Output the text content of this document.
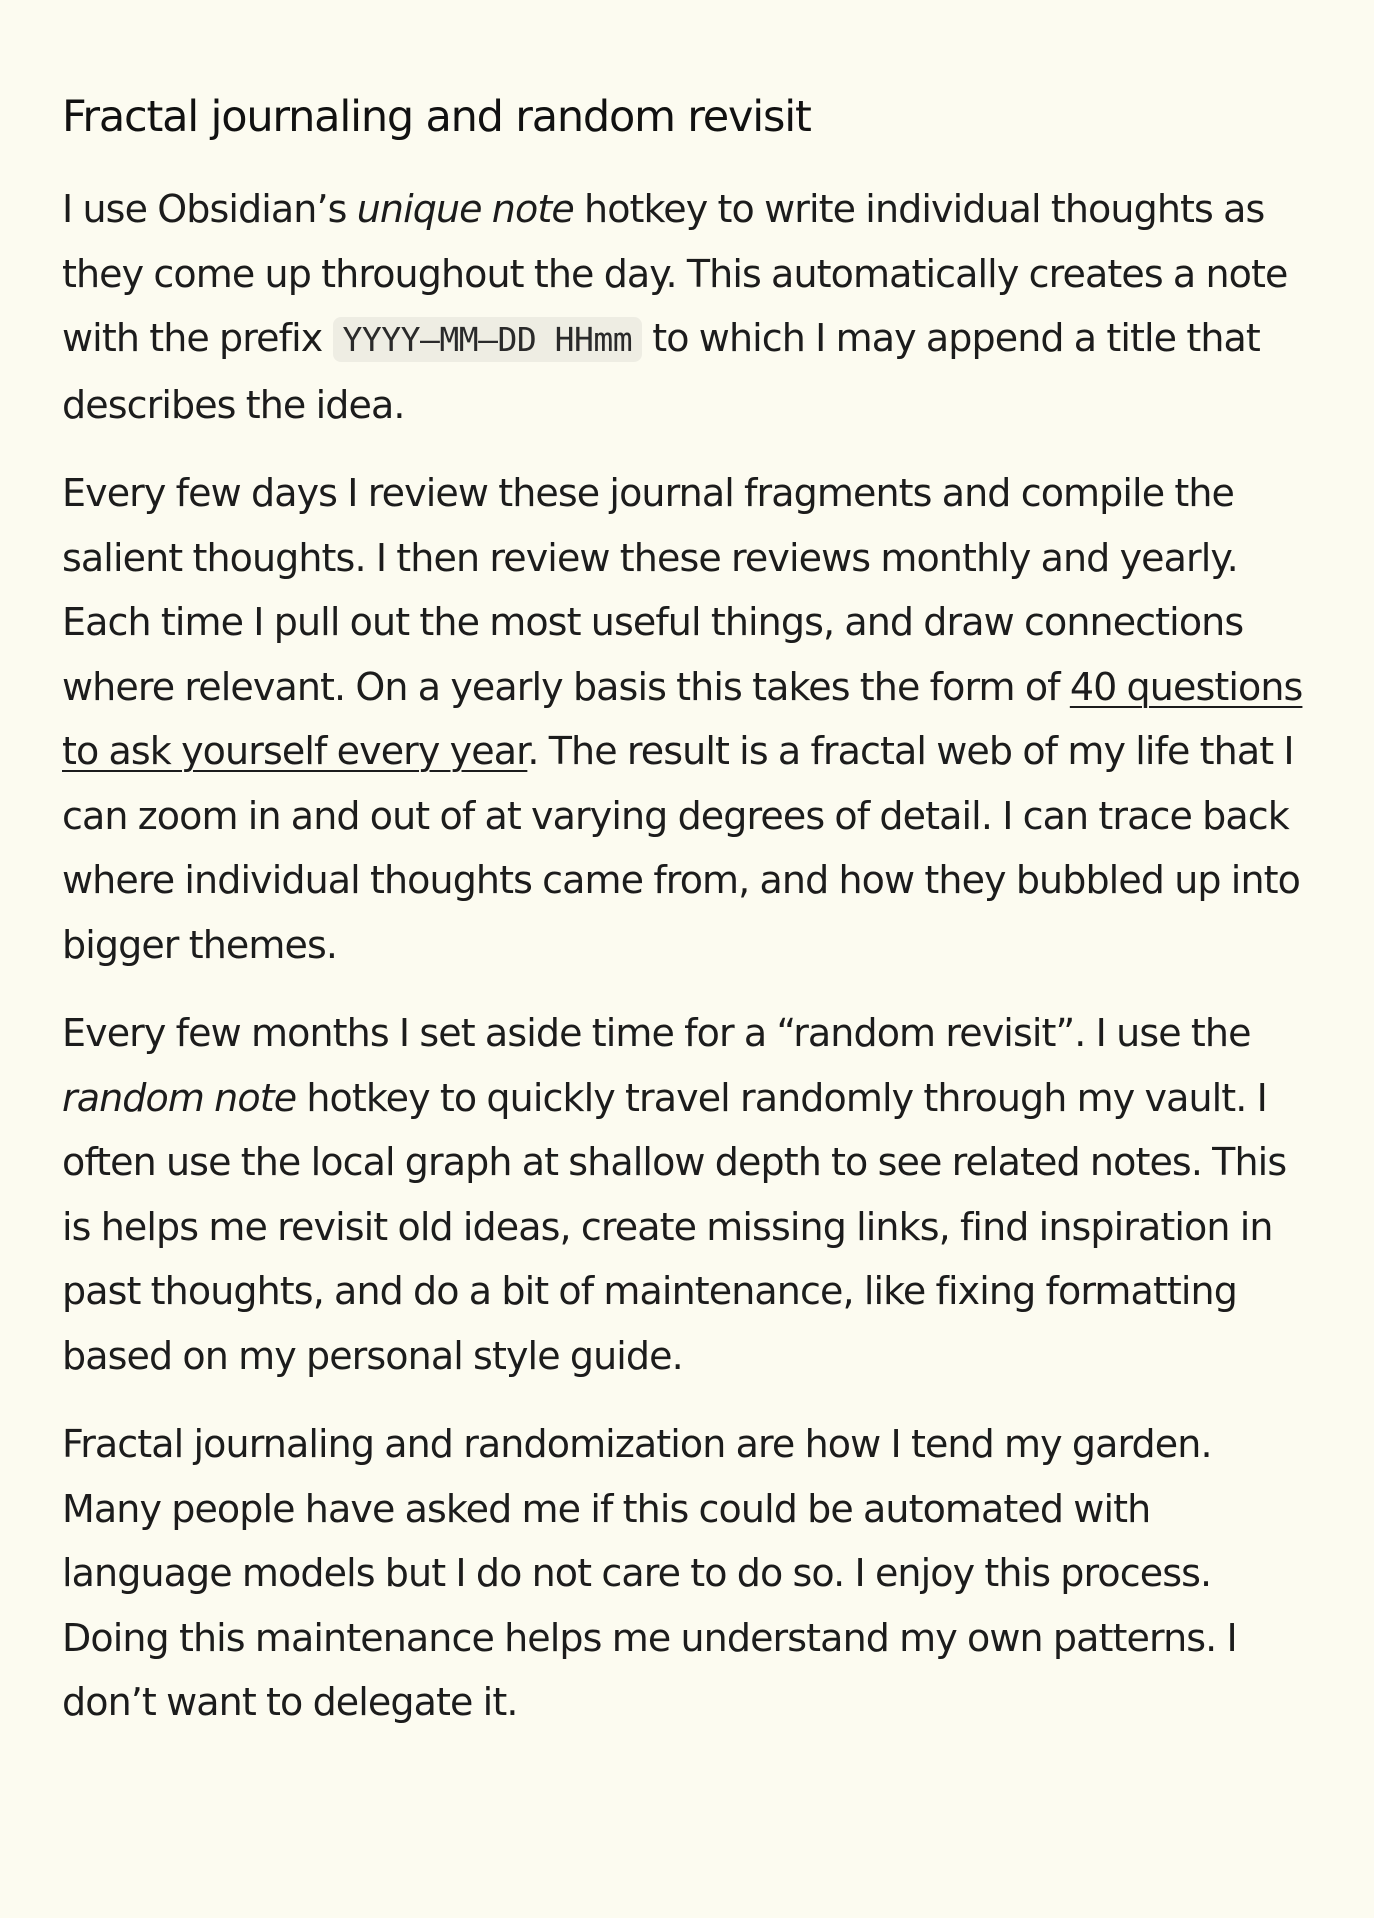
Fractal journaling and random revisit

I use Obsidian’s unique note hotkey to write individual thoughts as they come up throughout the day. This automatically creates a note with the prefix YYYY–MM–DD HHmm to which I may append a title that describes the idea.

Every few days I review these journal fragments and compile the salient thoughts. I then review these reviews monthly and yearly. Each time I pull out the most useful things, and draw connections where relevant. On a yearly basis this takes the form of 40 questions to ask yourself every year. The result is a fractal web of my life that I can zoom in and out of at varying degrees of detail. I can trace back where individual thoughts came from, and how they bubbled up into bigger themes.

Every few months I set aside time for a “random revisit”. I use the random note hotkey to quickly travel randomly through my vault. I often use the local graph at shallow depth to see related notes. This is helps me revisit old ideas, create missing links, find inspiration in past thoughts, and do a bit of maintenance, like fixing formatting based on my personal style guide.

Fractal journaling and randomization are how I tend my garden. Many people have asked me if this could be automated with language models but I do not care to do so. I enjoy this process. Doing this maintenance helps me understand my own patterns. I don’t want to delegate it.
